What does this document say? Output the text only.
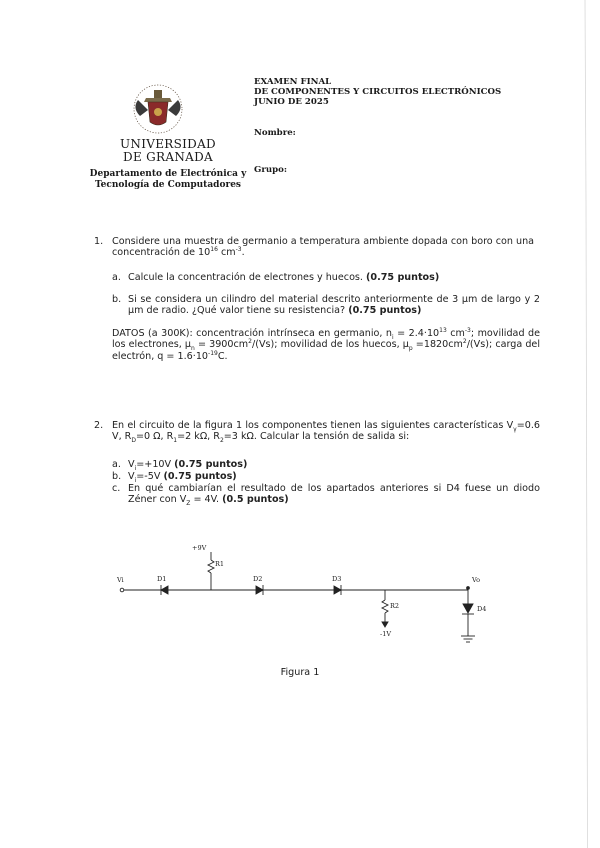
UNIVERSIDAD
DE GRANADA
Departamento de Electrónica y
Tecnología de Computadores
EXAMEN FINAL
DE COMPONENTES Y CIRCUITOS ELECTRÓNICOS
JUNIO DE 2025
Nombre:
Grupo:
1. Considere una muestra de germanio a temperatura ambiente dopada con boro con una concentración de $10^{16}$ $cm^{-3}$.
a. Calcule la concentración de electrones y huecos. (0.75 puntos)
b. Si se considera un cilindro del material descrito anteriormente de 3 µm de largo y 2 µm de radio. ¿Qué valor tiene su resistencia? (0.75 puntos)
DATOS (a 300K): concentración intrínseca en germanio, $n_i = 2.4\cdot 10^{13}$ $cm^{-3}$; movilidad de los electrones, $\mu_n = 3900cm^2/(Vs)$; movilidad de los huecos, $\mu_p =1820cm^2/(Vs)$; carga del electrón, $q = 1.6\cdot 10^{-19}C$.
2. En el circuito de la figura 1 los componentes tienen las siguientes características $V_\gamma=0.6$ V, $R_D=0$ Ω, $R_1=2$ kΩ, $R_2=3$ kΩ. Calcular la tensión de salida si:
a. $V_i=+10V$ (0.75 puntos)
b. $V_i=-5V$ (0.75 puntos)
c. En qué cambiarían el resultado de los apartados anteriores si D4 fuese un diodo Zéner con $V_Z = 4V$. (0.5 puntos)
Vi	D1
+9V
R1
D2	D3
R2
-1V
Vo
D4
Figura 1
